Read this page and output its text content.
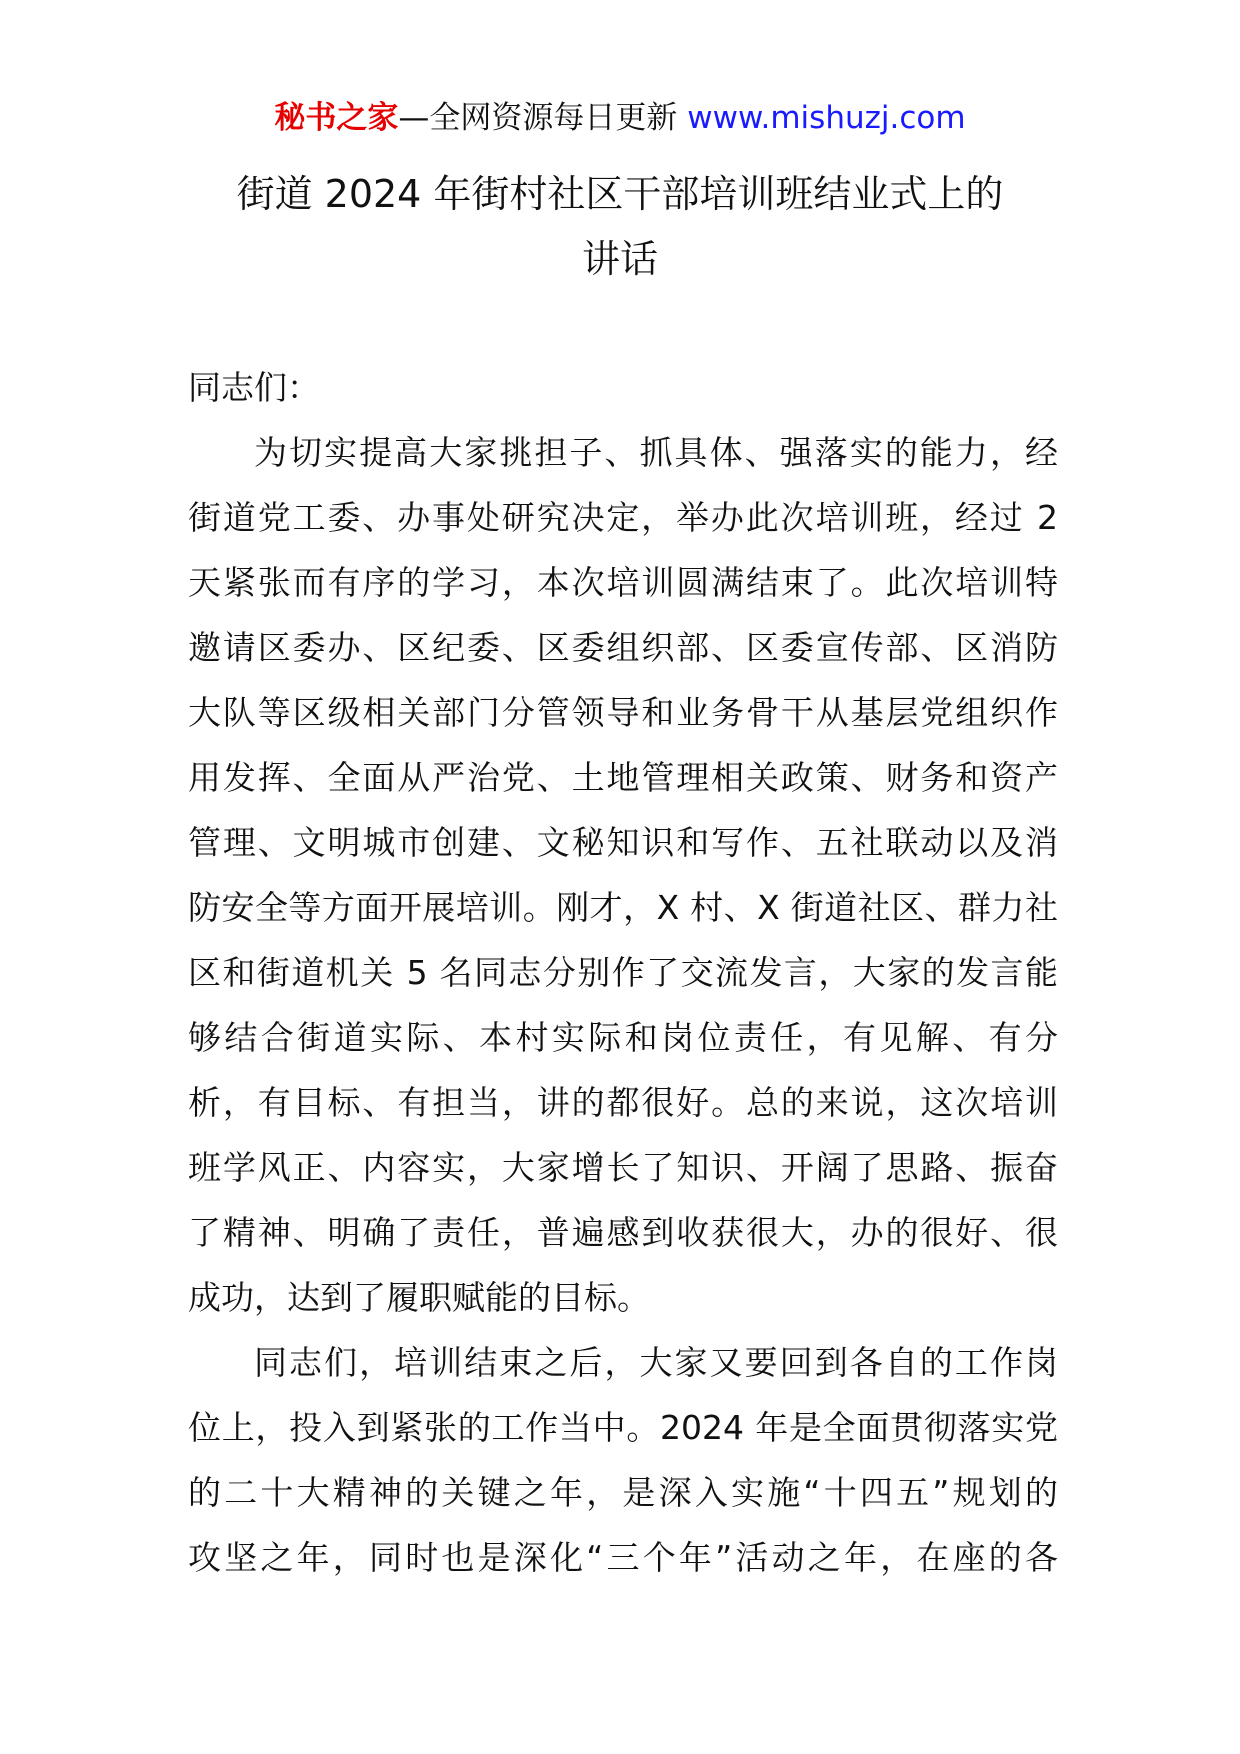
秘书之家—全网资源每日更新 www.mishuzj.com
街道 2024 年街村社区干部培训班结业式上的
讲话
同志们：
为切实提高大家挑担子、抓具体、强落实的能力，经
街道党工委、办事处研究决定，举办此次培训班，经过 2
天紧张而有序的学习，本次培训圆满结束了。此次培训特
邀请区委办、区纪委、区委组织部、区委宣传部、区消防
大队等区级相关部门分管领导和业务骨干从基层党组织作
用发挥、全面从严治党、土地管理相关政策、财务和资产
管理、文明城市创建、文秘知识和写作、五社联动以及消
防安全等方面开展培训。刚才，X 村、X 街道社区、群力社
区和街道机关 5 名同志分别作了交流发言，大家的发言能
够结合街道实际、本村实际和岗位责任，有见解、有分
析，有目标、有担当，讲的都很好。总的来说，这次培训
班学风正、内容实，大家增长了知识、开阔了思路、振奋
了精神、明确了责任，普遍感到收获很大，办的很好、很
成功，达到了履职赋能的目标。
同志们，培训结束之后，大家又要回到各自的工作岗
位上，投入到紧张的工作当中。2024 年是全面贯彻落实党
的二十大精神的关键之年，是深入实施“十四五”规划的
攻坚之年，同时也是深化“三个年”活动之年，在座的各
